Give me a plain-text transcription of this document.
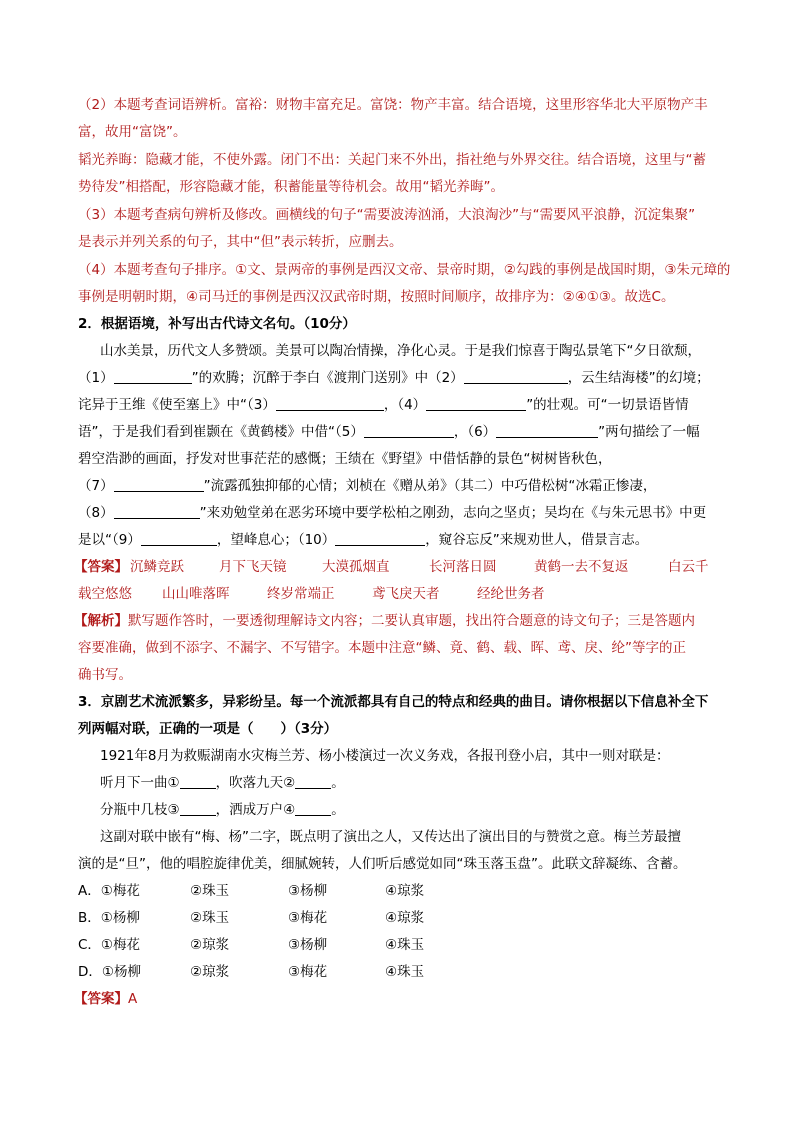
（2）本题考查词语辨析。富裕：财物丰富充足。富饶：物产丰富。结合语境，这里形容华北大平原物产丰
富，故用“富饶”。
韬光养晦：隐藏才能，不使外露。闭门不出：关起门来不外出，指社绝与外界交往。结合语境，这里与“蓄
势待发”相搭配，形容隐藏才能，积蓄能量等待机会。故用“韬光养晦”。
（3）本题考查病句辨析及修改。画横线的句子“需要波涛汹涌，大浪淘沙”与“需要风平浪静，沉淀集聚”
是表示并列关系的句子，其中“但”表示转折，应删去。
（4）本题考查句子排序。①文、景两帝的事例是西汉文帝、景帝时期，②勾践的事例是战国时期，③朱元璋的
事例是明朝时期，④司马迁的事例是西汉汉武帝时期，按照时间顺序，故排序为：②④①③。故选C。
2．根据语境，补写出古代诗文名句。（10分）
山水美景，历代文人多赞颂。美景可以陶冶情操，净化心灵。于是我们惊喜于陶弘景笔下“夕日欲颓，
（1）	”的欢腾；沉醉于李白《渡荆门送别》中（2）	，云生结海楼”的幻境；
诧异于王维《使至塞上》中“（3）	，（4）	”的壮观。可“一切景语皆情
语”，于是我们看到崔颢在《黄鹤楼》中借“（5）	，（6）	”两句描绘了一幅
碧空浩渺的画面，抒发对世事茫茫的感慨；王绩在《野望》中借恬静的景色“树树皆秋色，
（7）	”流露孤独抑郁的心情；刘桢在《赠从弟》（其二）中巧借松树“冰霜正惨凄，
（8）	”来劝勉堂弟在恶劣环境中要学松柏之刚劲，志向之坚贞；吴均在《与朱元思书》中更
是以“（9）	，望峰息心；（10）	，窥谷忘反”来规劝世人，借景言志。
【答案】 沉鳞竞跃	月下飞天镜	大漠孤烟直	长河落日圆	黄鹤一去不复返	白云千
载空悠悠 山山唯落晖	终岁常端正	鸢飞戾天者	经纶世务者
【解析】默写题作答时，一要透彻理解诗文内容；二要认真审题，找出符合题意的诗文句子；三是答题内
容要准确，做到不添字、不漏字、不写错字。本题中注意“鳞、竟、鹤、载、晖、鸢、戾、纶”等字的正
确书写。
3．京剧艺术流派繁多，异彩纷呈。每一个流派都具有自己的特点和经典的曲目。请你根据以下信息补全下
列两幅对联，正确的一项是（　　）（3分）
1921年8月为救赈湖南水灾梅兰芳、杨小楼演过一次义务戏，各报刊登小启，其中一则对联是：
听月下一曲①	，吹落九天②	。
分瓶中几枝③	，洒成万户④	。
这副对联中嵌有“梅、杨”二字，既点明了演出之人，又传达出了演出目的与赞赏之意。梅兰芳最擅
演的是“旦”，他的唱腔旋律优美，细腻婉转，人们听后感觉如同“珠玉落玉盘”。此联文辞凝练、含蓄。
A．①梅花	②珠玉	③杨柳	④琼浆
B．①杨柳	②珠玉	③梅花	④琼浆
C．①梅花	②琼浆	③杨柳	④珠玉
D．①杨柳	②琼浆	③梅花	④珠玉
【答案】A
